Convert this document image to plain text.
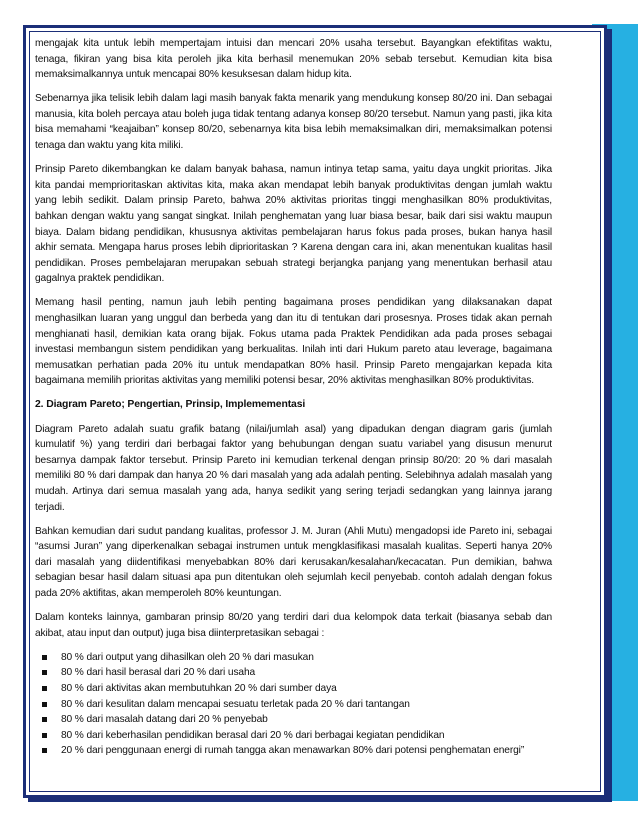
mengajak kita untuk lebih mempertajam intuisi dan mencari 20% usaha tersebut. Bayangkan efektifitas waktu, tenaga, fikiran yang bisa kita peroleh jika kita berhasil menemukan 20% sebab tersebut. Kemudian kita bisa memaksimalkannya untuk mencapai 80% kesuksesan dalam hidup kita.

Sebenarnya jika telisik lebih dalam lagi masih banyak fakta menarik yang mendukung konsep 80/20 ini. Dan sebagai manusia, kita boleh percaya atau boleh juga tidak tentang adanya konsep 80/20 tersebut. Namun yang pasti, jika kita bisa memahami “keajaiban” konsep 80/20, sebenarnya kita bisa lebih memaksimalkan diri, memaksimalkan potensi tenaga dan waktu yang kita miliki.

Prinsip Pareto dikembangkan ke dalam banyak bahasa, namun intinya tetap sama, yaitu daya ungkit prioritas. Jika kita pandai memprioritaskan aktivitas kita, maka akan mendapat lebih banyak produktivitas dengan jumlah waktu yang lebih sedikit. Dalam prinsip Pareto, bahwa 20% aktivitas prioritas tinggi menghasilkan 80% produktivitas, bahkan dengan waktu yang sangat singkat. Inilah penghematan yang luar biasa besar, baik dari sisi waktu maupun biaya. Dalam bidang pendidikan, khususnya aktivitas pembelajaran harus fokus pada proses, bukan hanya hasil akhir semata. Mengapa harus proses lebih diprioritaskan ? Karena dengan cara ini, akan menentukan kualitas hasil pendidikan. Proses pembelajaran merupakan sebuah strategi berjangka panjang yang menentukan berhasil atau gagalnya praktek pendidikan.

Memang hasil penting, namun jauh lebih penting bagaimana proses pendidikan yang dilaksanakan dapat menghasilkan luaran yang unggul dan berbeda yang dan itu di tentukan dari prosesnya. Proses tidak akan pernah menghianati hasil, demikian kata orang bijak. Fokus utama pada Praktek Pendidikan ada pada proses sebagai investasi membangun sistem pendidikan yang berkualitas. Inilah inti dari Hukum pareto atau leverage, bagaimana memusatkan perhatian pada 20% itu untuk mendapatkan 80% hasil. Prinsip Pareto mengajarkan kepada kita bagaimana memilih prioritas aktivitas yang memiliki potensi besar, 20% aktivitas menghasilkan 80% produktivitas.

2. Diagram Pareto; Pengertian, Prinsip, Implemementasi

Diagram Pareto adalah suatu grafik batang (nilai/jumlah asal) yang dipadukan dengan diagram garis (jumlah kumulatif %) yang terdiri dari berbagai faktor yang behubungan dengan suatu variabel yang disusun menurut besarnya dampak faktor tersebut. Prinsip Pareto ini kemudian terkenal dengan prinsip 80/20: 20 % dari masalah memiliki 80 % dari dampak dan hanya 20 % dari masalah yang ada adalah penting. Selebihnya adalah masalah yang mudah. Artinya dari semua masalah yang ada, hanya sedikit yang sering terjadi sedangkan yang lainnya jarang terjadi.

Bahkan kemudian dari sudut pandang kualitas, professor J. M. Juran (Ahli Mutu) mengadopsi ide Pareto ini, sebagai “asumsi Juran” yang diperkenalkan sebagai instrumen untuk mengklasifikasi masalah kualitas. Seperti hanya 20% dari masalah yang diidentifikasi menyebabkan 80% dari kerusakan/kesalahan/kecacatan. Pun demikian, bahwa sebagian besar hasil dalam situasi apa pun ditentukan oleh sejumlah kecil penyebab. contoh adalah dengan fokus pada 20% aktifitas, akan memperoleh 80% keuntungan.

Dalam konteks lainnya, gambaran prinsip 80/20 yang terdiri dari dua kelompok data terkait (biasanya sebab dan akibat, atau input dan output) juga bisa diinterpretasikan sebagai :

80 % dari output yang dihasilkan oleh 20 % dari masukan
80 % dari hasil berasal dari 20 % dari usaha
80 % dari aktivitas akan membutuhkan 20 % dari sumber daya
80 % dari kesulitan dalam mencapai sesuatu terletak pada 20 % dari tantangan
80 % dari masalah datang dari 20 % penyebab
80 % dari keberhasilan pendidikan berasal dari 20 % dari berbagai kegiatan pendidikan
20 % dari penggunaan energi di rumah tangga akan menawarkan 80% dari potensi penghematan energi”
